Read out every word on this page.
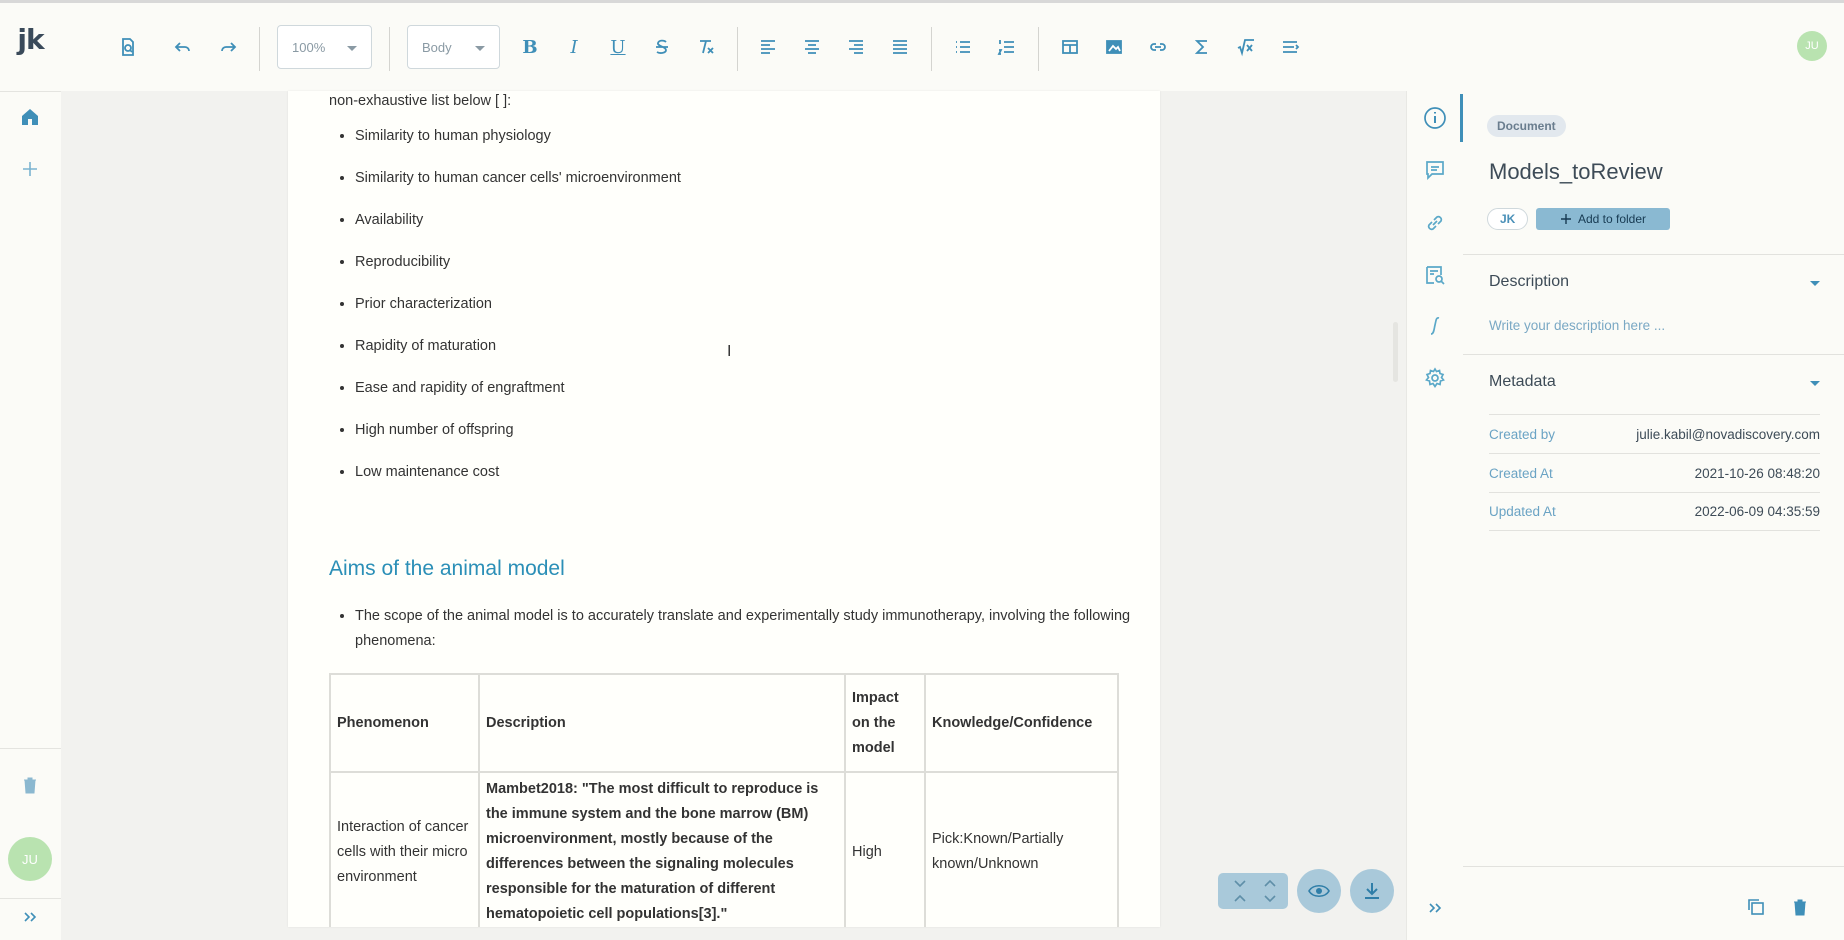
jk
JU
100%	Body	B I U	JU
non-exhaustive list below [ ]:
• Similarity to human physiology
• Similarity to human cancer cells' microenvironment
• Availability
• Reproducibility
• Prior characterization
• Rapidity of maturation
• Ease and rapidity of engraftment
• High number of offspring
• Low maintenance cost
Aims of the animal model
• The scope of the animal model is to accurately translate and experimentally study immunotherapy, involving the following phenomena:
Phenomenon	Description	Impact on the model	Knowledge/Confidence
Interaction of cancer cells with their micro environment	Mambet2018: "The most difficult to reproduce is the immune system and the bone marrow (BM) microenvironment, mostly because of the differences between the signaling molecules responsible for the maturation of different hematopoietic cell populations[3]."	High	Pick:Known/Partially known/Unknown
I
Document
Models_toReview
JK	Add to folder
Description
Write your description here ...
Metadata
Created by	julie.kabil@novadiscovery.com
Created At	2021-10-26 08:48:20
Updated At	2022-06-09 04:35:59
